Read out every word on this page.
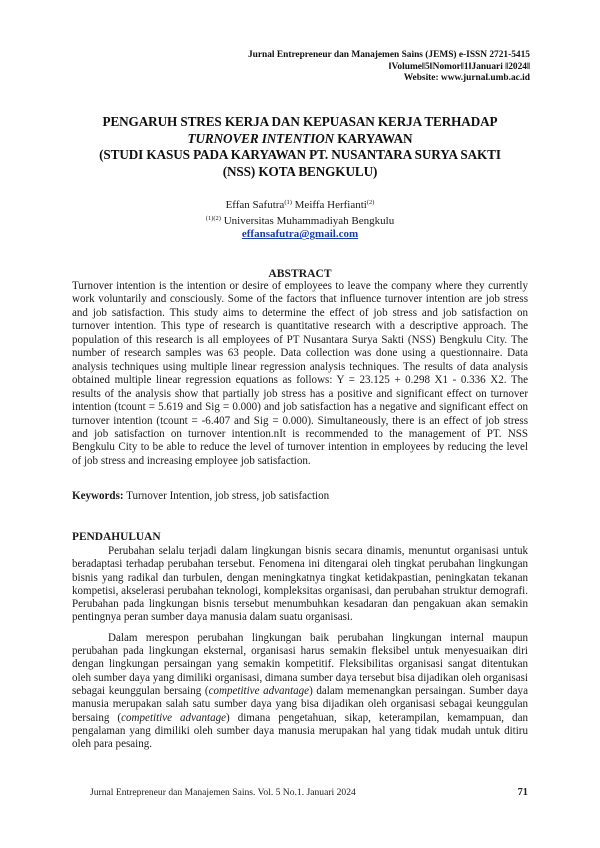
Jurnal Entrepreneur dan Manajemen Sains (JEMS) e-ISSN 2721-5415
‖Volume‖5‖Nomor‖1‖Januari ‖2024‖
Website: www.jurnal.umb.ac.id
PENGARUH STRES KERJA DAN KEPUASAN KERJA TERHADAP
TURNOVER INTENTION KARYAWAN
(STUDI KASUS PADA KARYAWAN PT. NUSANTARA SURYA SAKTI
(NSS) KOTA BENGKULU)
Effan Safutra$^{(1)}$ Meiffa Herfianti$^{(2)}$
$^{(1)(2)}$ Universitas Muhammadiyah Bengkulu
effansafutra@gmail.com
ABSTRACT
Turnover intention is the intention or desire of employees to leave the company where they currently work voluntarily and consciously. Some of the factors that influence turnover intention are job stress and job satisfaction. This study aims to determine the effect of job stress and job satisfaction on turnover intention. This type of research is quantitative research with a descriptive approach. The population of this research is all employees of PT Nusantara Surya Sakti (NSS) Bengkulu City. The number of research samples was 63 people. Data collection was done using a questionnaire. Data analysis techniques using multiple linear regression analysis techniques. The results of data analysis obtained multiple linear regression equations as follows: Y = 23.125 + 0.298 X1 - 0.336 X2. The results of the analysis show that partially job stress has a positive and significant effect on turnover intention (tcount = 5.619 and Sig = 0.000) and job satisfaction has a negative and significant effect on turnover intention (tcount = -6.407 and Sig = 0.000). Simultaneously, there is an effect of job stress and job satisfaction on turnover intention.nIt is recommended to the management of PT. NSS Bengkulu City to be able to reduce the level of turnover intention in employees by reducing the level of job stress and increasing employee job satisfaction.
Keywords: Turnover Intention, job stress, job satisfaction
PENDAHULUAN

Perubahan selalu terjadi dalam lingkungan bisnis secara dinamis, menuntut organisasi untuk beradaptasi terhadap perubahan tersebut. Fenomena ini ditengarai oleh tingkat perubahan lingkungan bisnis yang radikal dan turbulen, dengan meningkatnya tingkat ketidakpastian, peningkatan tekanan kompetisi, akselerasi perubahan teknologi, kompleksitas organisasi, dan perubahan struktur demografi. Perubahan pada lingkungan bisnis tersebut menumbuhkan kesadaran dan pengakuan akan semakin pentingnya peran sumber daya manusia dalam suatu organisasi.

Dalam merespon perubahan lingkungan baik perubahan lingkungan internal maupun perubahan pada lingkungan eksternal, organisasi harus semakin fleksibel untuk menyesuaikan diri dengan lingkungan persaingan yang semakin kompetitif. Fleksibilitas organisasi sangat ditentukan oleh sumber daya yang dimiliki organisasi, dimana sumber daya tersebut bisa dijadikan oleh organisasi sebagai keunggulan bersaing (competitive advantage) dalam memenangkan persaingan. Sumber daya manusia merupakan salah satu sumber daya yang bisa dijadikan oleh organisasi sebagai keunggulan bersaing (competitive advantage) dimana pengetahuan, sikap, keterampilan, kemampuan, dan pengalaman yang dimiliki oleh sumber daya manusia merupakan hal yang tidak mudah untuk ditiru oleh para pesaing.

Jurnal Entrepreneur dan Manajemen Sains. Vol. 5 No.1. Januari 2024	71
